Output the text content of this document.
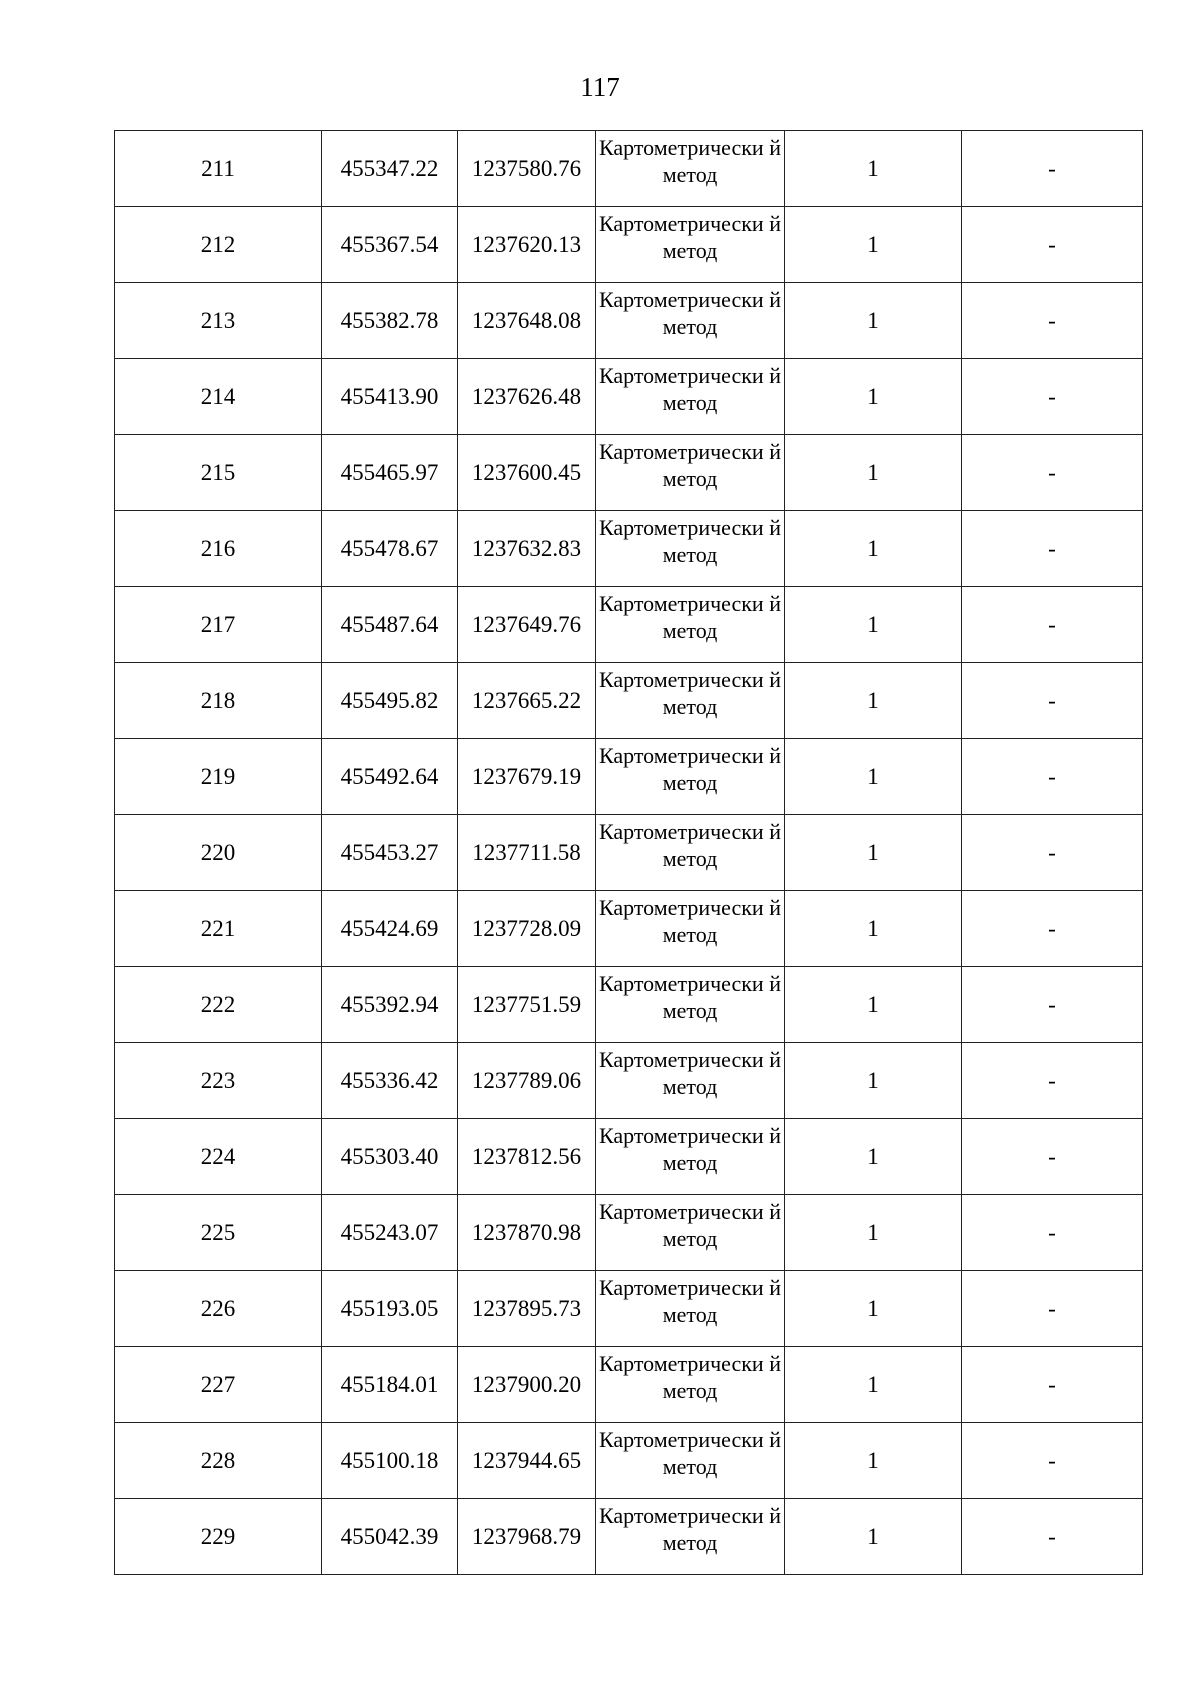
117
211	455347.22	1237580.76	Картометрически й метод	1	-
212	455367.54	1237620.13	Картометрически й метод	1	-
213	455382.78	1237648.08	Картометрически й метод	1	-
214	455413.90	1237626.48	Картометрически й метод	1	-
215	455465.97	1237600.45	Картометрически й метод	1	-
216	455478.67	1237632.83	Картометрически й метод	1	-
217	455487.64	1237649.76	Картометрически й метод	1	-
218	455495.82	1237665.22	Картометрически й метод	1	-
219	455492.64	1237679.19	Картометрически й метод	1	-
220	455453.27	1237711.58	Картометрически й метод	1	-
221	455424.69	1237728.09	Картометрически й метод	1	-
222	455392.94	1237751.59	Картометрически й метод	1	-
223	455336.42	1237789.06	Картометрически й метод	1	-
224	455303.40	1237812.56	Картометрически й метод	1	-
225	455243.07	1237870.98	Картометрически й метод	1	-
226	455193.05	1237895.73	Картометрически й метод	1	-
227	455184.01	1237900.20	Картометрически й метод	1	-
228	455100.18	1237944.65	Картометрически й метод	1	-
229	455042.39	1237968.79	Картометрически й метод	1	-
